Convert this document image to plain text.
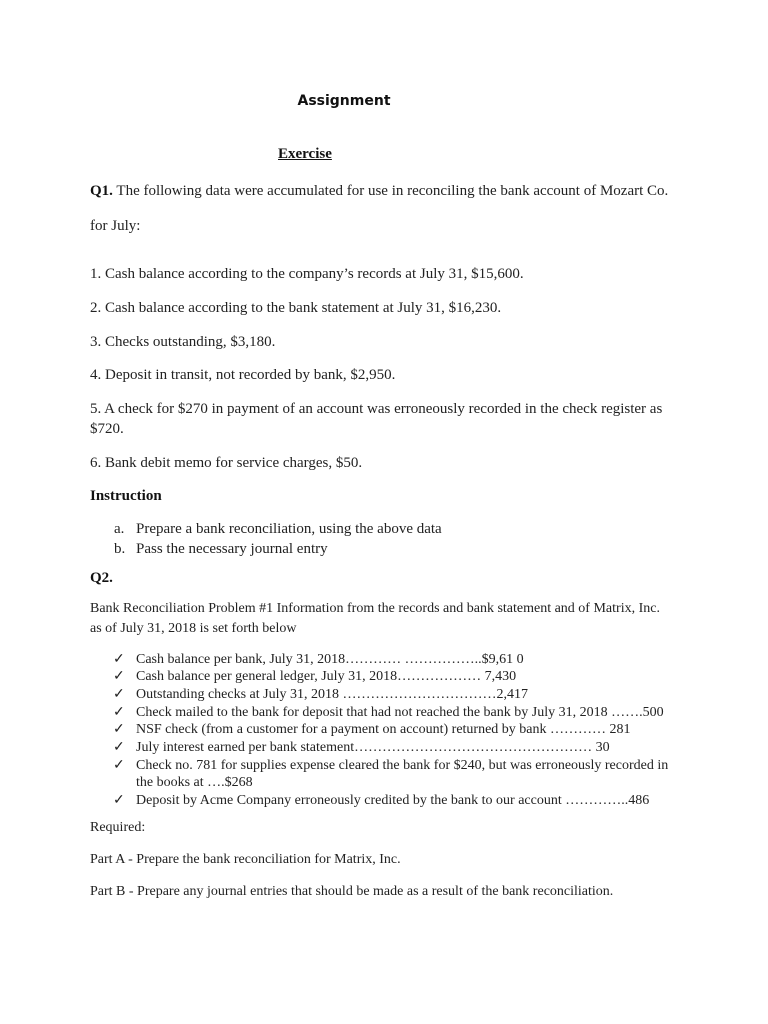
Assignment
Exercise
Q1. The following data were accumulated for use in reconciling the bank account of Mozart Co.
for July:
1. Cash balance according to the company’s records at July 31, $15,600.
2. Cash balance according to the bank statement at July 31, $16,230.
3. Checks outstanding, $3,180.
4. Deposit in transit, not recorded by bank, $2,950.
5. A check for $270 in payment of an account was erroneously recorded in the check register as $720.
6. Bank debit memo for service charges, $50.
Instruction
a. Prepare a bank reconciliation, using the above data
b. Pass the necessary journal entry
Q2.
Bank Reconciliation Problem #1 Information from the records and bank statement and of Matrix, Inc. as of July 31, 2018 is set forth below
✓ Cash balance per bank, July 31, 2018………… ……………..$9,61 0
✓ Cash balance per general ledger, July 31, 2018……………… 7,430
✓ Outstanding checks at July 31, 2018 ……………………………2,417
✓ Check mailed to the bank for deposit that had not reached the bank by July 31, 2018 …….500
✓ NSF check (from a customer for a payment on account) returned by bank ………… 281
✓ July interest earned per bank statement…………………………………………… 30
✓ Check no. 781 for supplies expense cleared the bank for $240, but was erroneously recorded in the books at ….$268
✓ Deposit by Acme Company erroneously credited by the bank to our account …………..486
Required:
Part A - Prepare the bank reconciliation for Matrix, Inc.
Part B - Prepare any journal entries that should be made as a result of the bank reconciliation.
